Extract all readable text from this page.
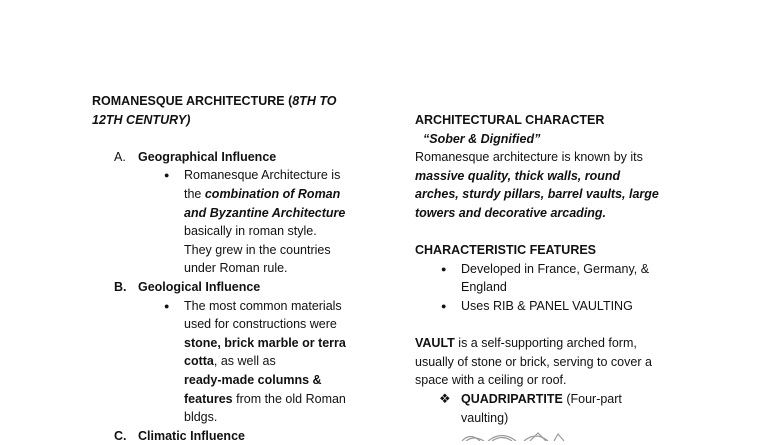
ROMANESQUE ARCHITECTURE (8TH TO
12TH CENTURY)
A. Geographical Influence
● Romanesque Architecture is
the combination of Roman
and Byzantine Architecture
basically in roman style.
They grew in the countries
under Roman rule.
B. Geological Influence
● The most common materials
used for constructions were
stone, brick marble or terra
cotta, as well as
ready-made columns &
features from the old Roman
bldgs.
C. Climatic Influence
ARCHITECTURAL CHARACTER
“Sober & Dignified”
Romanesque architecture is known by its
massive quality, thick walls, round
arches, sturdy pillars, barrel vaults, large
towers and decorative arcading.
CHARACTERISTIC FEATURES
● Developed in France, Germany, &
England
● Uses RIB & PANEL VAULTING
VAULT is a self-supporting arched form,
usually of stone or brick, serving to cover a
space with a ceiling or roof.
❖ QUADRIPARTITE (Four-part
vaulting)
